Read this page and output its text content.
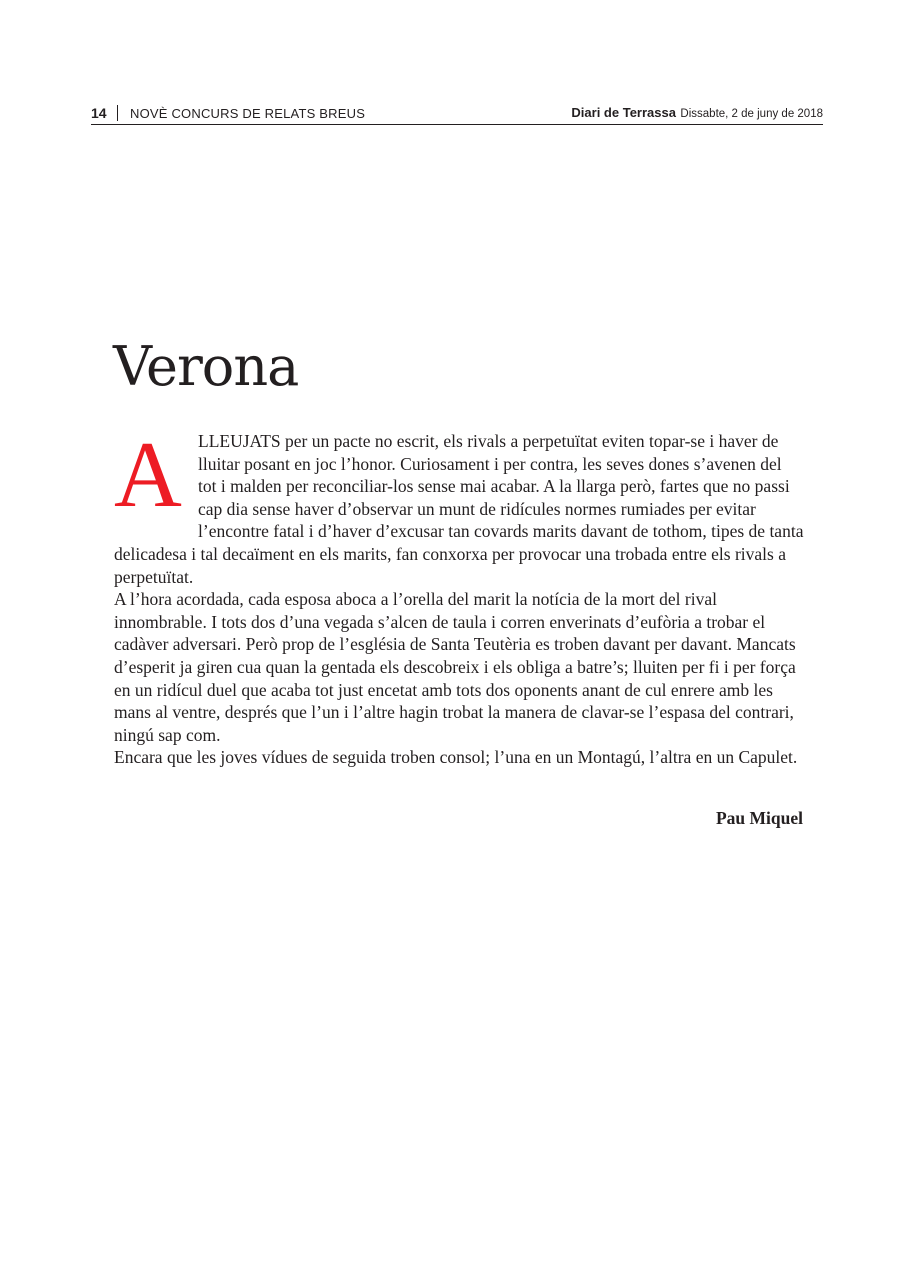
14 NOVÈ CONCURS DE RELATS BREUS	Diari de Terrassa Dissabte, 2 de juny de 2018
Verona

ALLEUJATS per un pacte no escrit, els rivals a perpetuïtat eviten topar-se i haver de lluitar posant en joc l’honor. Curiosament i per contra, les seves dones s’avenen del tot i malden per reconciliar-los sense mai acabar. A la llarga però, fartes que no passi cap dia sense haver d’observar un munt de ridícules normes rumiades per evitar l’encontre fatal i d’haver d’excusar tan covards marits davant de tothom, tipes de tanta delicadesa i tal decaïment en els marits, fan conxorxa per provocar una trobada entre els rivals a perpetuïtat.

A l’hora acordada, cada esposa aboca a l’orella del marit la notícia de la mort del rival innombrable. I tots dos d’una vegada s’alcen de taula i corren enverinats d’eufòria a trobar el cadàver adversari. Però prop de l’església de Santa Teutèria es troben davant per davant. Mancats d’esperit ja giren cua quan la gentada els descobreix i els obliga a batre’s; lluiten per fi i per força en un ridícul duel que acaba tot just encetat amb tots dos oponents anant de cul enrere amb les mans al ventre, després que l’un i l’altre hagin trobat la manera de clavar-se l’espasa del contrari, ningú sap com.

Encara que les joves vídues de seguida troben consol; l’una en un Montagú, l’altra en un Capulet.

Pau Miquel
